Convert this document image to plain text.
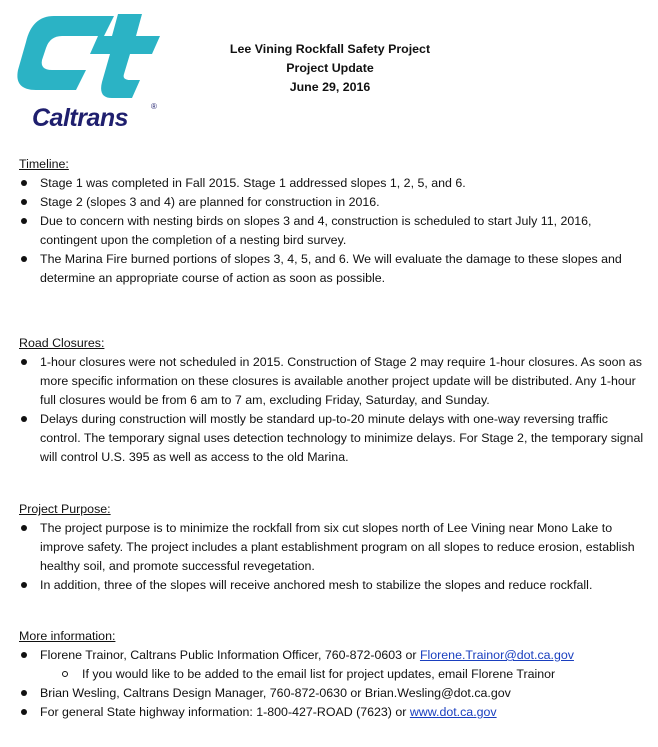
Caltrans	®
Lee Vining Rockfall Safety Project
Project Update
June 29, 2016
Timeline:
Stage 1 was completed in Fall 2015. Stage 1 addressed slopes 1, 2, 5, and 6.
Stage 2 (slopes 3 and 4) are planned for construction in 2016.
Due to concern with nesting birds on slopes 3 and 4, construction is scheduled to start July 11, 2016, contingent upon the completion of a nesting bird survey.
The Marina Fire burned portions of slopes 3, 4, 5, and 6. We will evaluate the damage to these slopes and determine an appropriate course of action as soon as possible.
Road Closures:
1-hour closures were not scheduled in 2015. Construction of Stage 2 may require 1-hour closures. As soon as more specific information on these closures is available another project update will be distributed. Any 1-hour full closures would be from 6 am to 7 am, excluding Friday, Saturday, and Sunday.
Delays during construction will mostly be standard up-to-20 minute delays with one-way reversing traffic control. The temporary signal uses detection technology to minimize delays. For Stage 2, the temporary signal will control U.S. 395 as well as access to the old Marina.
Project Purpose:
The project purpose is to minimize the rockfall from six cut slopes north of Lee Vining near Mono Lake to improve safety. The project includes a plant establishment program on all slopes to reduce erosion, establish healthy soil, and promote successful revegetation.
In addition, three of the slopes will receive anchored mesh to stabilize the slopes and reduce rockfall.
More information:
Florene Trainor, Caltrans Public Information Officer, 760-872-0603 or Florene.Trainor@dot.ca.gov
If you would like to be added to the email list for project updates, email Florene Trainor
Brian Wesling, Caltrans Design Manager, 760-872-0630 or Brian.Wesling@dot.ca.gov
For general State highway information: 1-800-427-ROAD (7623) or www.dot.ca.gov
